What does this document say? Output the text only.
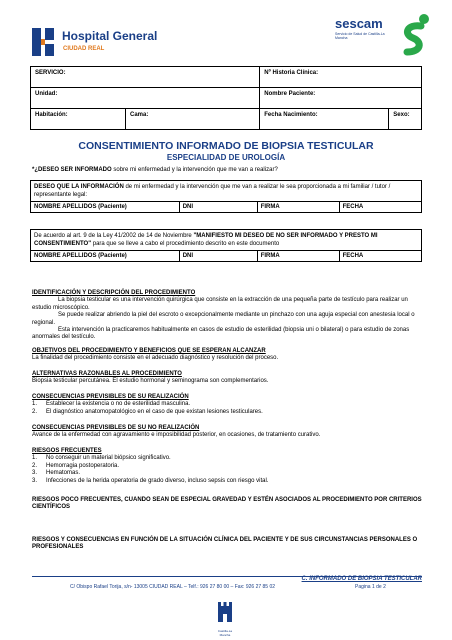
Hospital General
CIUDAD REAL
sescam
Servicio de Salud de Castilla-La Mancha
SERVICIO:		Nº Historia Clínica:	
Unidad:		Nombre Paciente:	
Habitación:	Cama:	Fecha Nacimiento:	Sexo:
CONSENTIMIENTO INFORMADO DE BIOPSIA TESTICULAR
ESPECIALIDAD DE UROLOGÍA
*¿DESEO SER INFORMADO sobre mi enfermedad y la intervención que me van a realizar?
DESEO QUE LA INFORMACIÓN de mi enfermedad y la intervención que me van a realizar le sea proporcionada a mi familiar / tutor / representante legal:
NOMBRE APELLIDOS (Paciente)	DNI	FIRMA	FECHA
De acuerdo al art. 9 de la Ley 41/2002 de 14 de Noviembre "MANIFIESTO MI DESEO DE NO SER INFORMADO Y PRESTO MI CONSENTIMIENTO" para que se lleve a cabo el procedimiento descrito en este documento
NOMBRE APELLIDOS (Paciente)	DNI	FIRMA	FECHA

IDENTIFICACIÓN Y DESCRIPCIÓN DEL PROCEDIMIENTO

La biopsia testicular es una intervención quirúrgica que consiste en la extracción de una pequeña parte de testículo para realizar un estudio microscópico.

Se puede realizar abriendo la piel del escroto o excepcionalmente mediante un pinchazo con una aguja especial con anestesia local o regional.

Esta intervención la practicaremos habitualmente en casos de estudio de esterilidad (biopsia uni o bilateral) o para estudio de zonas anormales del testículo.

OBJETIVOS DEL PROCEDIMIENTO Y BENEFICIOS QUE SE ESPERAN ALCANZAR

La finalidad del procedimiento consiste en el adecuado diagnóstico y resolución del proceso.

ALTERNATIVAS RAZONABLES AL PROCEDIMIENTO

Biopsia testicular percutánea. El estudio hormonal y seminograma son complementarios.

CONSECUENCIAS PREVISIBLES DE SU REALIZACIÓN

1.	Establecer la existencia o no de esterilidad masculina.
2.	El diagnóstico anatomopatológico en el caso de que existan lesiones testiculares.

CONSECUENCIAS PREVISIBLES DE SU NO REALIZACIÓN

Avance de la enfermedad con agravamiento e imposibilidad posterior, en ocasiones, de tratamiento curativo.

RIESGOS FRECUENTES

1.	No conseguir un material biópsico significativo.
2.	Hemorragia postoperatoria.
3.	Hematomas.
3.	Infecciones de la herida operatoria de grado diverso, incluso sepsis con riesgo vital.

RIESGOS POCO FRECUENTES, CUANDO SEAN DE ESPECIAL GRAVEDAD Y ESTÉN ASOCIADOS AL PROCEDIMIENTO POR CRITERIOS CIENTÍFICOS

RIESGOS Y CONSECUENCIAS EN FUNCIÓN DE LA SITUACIÓN CLÍNICA DEL PACIENTE Y DE SUS CIRCUNSTANCIAS PERSONALES O PROFESIONALES

C. INFORMADO DE BIOPSIA TESTICULAR
C/ Obispo Rafael Torija, s/n- 13005 CIUDAD REAL – Telf.: 926 27 80 00 – Fax: 926 27 85 02	Pagina 1 de 2
Castilla-La Mancha
